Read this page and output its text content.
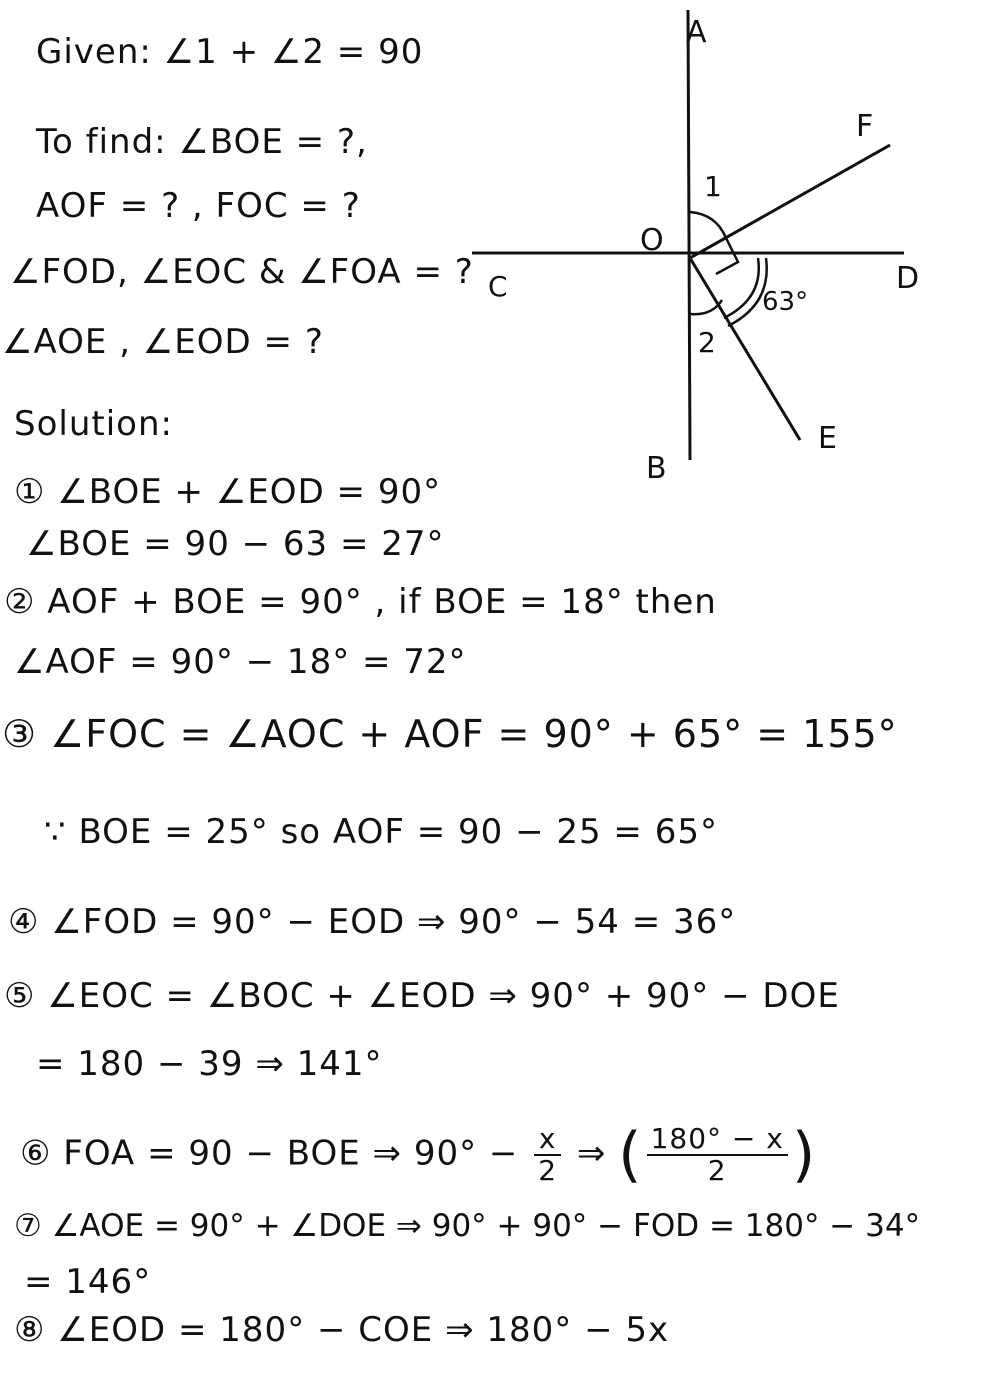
Given: ∠1 + ∠2 = 90
To find: ∠BOE = ?,
AOF = ? , FOC = ?
∠FOD, ∠EOC & ∠FOA = ?
∠AOE , ∠EOD = ?
Solution:
① ∠BOE + ∠EOD = 90°
∠BOE = 90 − 63 = 27°
② AOF + BOE = 90° , if BOE = 18° then
∠AOF = 90° − 18° = 72°
③ ∠FOC = ∠AOC + AOF = 90° + 65° = 155°
∵ BOE = 25° so AOF = 90 − 25 = 65°
④ ∠FOD = 90° − EOD ⇒ 90° − 54 = 36°
⑤ ∠EOC = ∠BOC + ∠EOD ⇒ 90° + 90° − DOE
= 180 − 39 ⇒ 141°
⑥ FOA = 90 − BOE ⇒ $90^\circ - \frac{x}{2}$ ⇒ ( $\frac{180^\circ - x}{2}$ )
⑦ ∠AOE = 90° + ∠DOE ⇒ 90° + 90° − FOD = 180° − 34°
= 146°
⑧ ∠EOD = 180° − COE ⇒ 180° − 5x
A
F
1
O
C	D
63°
2
E
B
